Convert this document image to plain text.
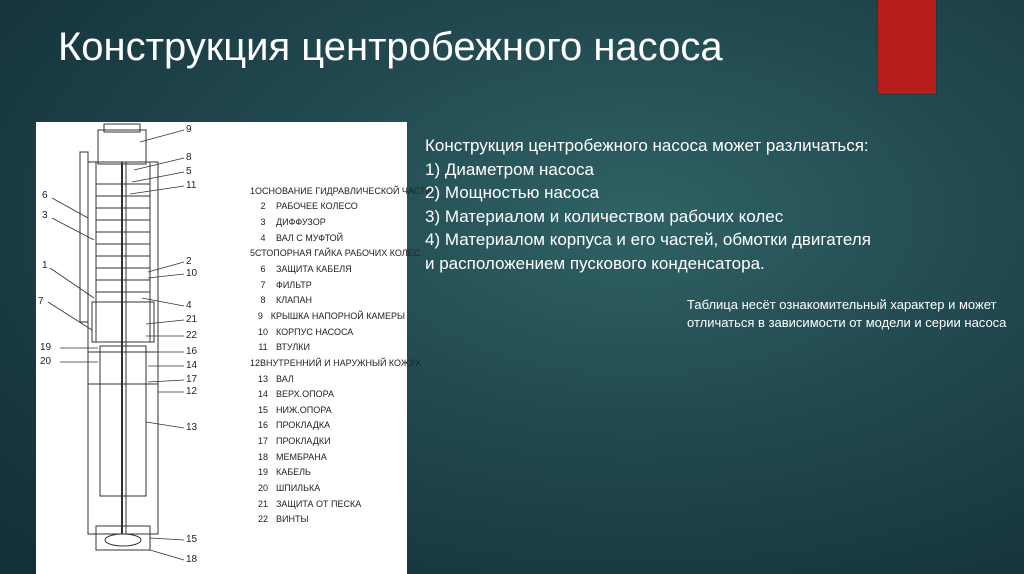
Конструкция центробежного насоса
6
3
1
7
19
20
9
8
5
11
2
10
4
21
22
16
14
17
12
13
15
18
1 ОСНОВАНИЕ ГИДРАВЛИЧЕСКОЙ ЧАСТИ
2	РАБОЧЕЕ КОЛЕСО
3	ДИФФУЗОР
4	ВАЛ С МУФТОЙ
5 СТОПОРНАЯ ГАЙКА РАБОЧИХ КОЛЕС
6	ЗАЩИТА КАБЕЛЯ
7	ФИЛЬТР
8	КЛАПАН
9 КРЫШКА НАПОРНОЙ КАМЕРЫ
10 КОРПУС НАСОСА
11 ВТУЛКИ
12 ВНУТРЕННИЙ И НАРУЖНЫЙ КОЖУХ
13 ВАЛ
14 ВЕРХ.ОПОРА
15 НИЖ.ОПОРА
16 ПРОКЛАДКА
17 ПРОКЛАДКИ
18 МЕМБРАНА
19 КАБЕЛЬ
20 ШПИЛЬКА
21 ЗАЩИТА ОТ ПЕСКА
22 ВИНТЫ
Конструкция центробежного насоса может различаться:
1) Диаметром насоса
2) Мощностью насоса
3) Материалом и количеством рабочих колес
4) Материалом корпуса и его частей, обмотки двигателя
и расположением пускового конденсатора.
Таблица несёт ознакомительный характер и может отличаться в зависимости от модели и серии насоса
